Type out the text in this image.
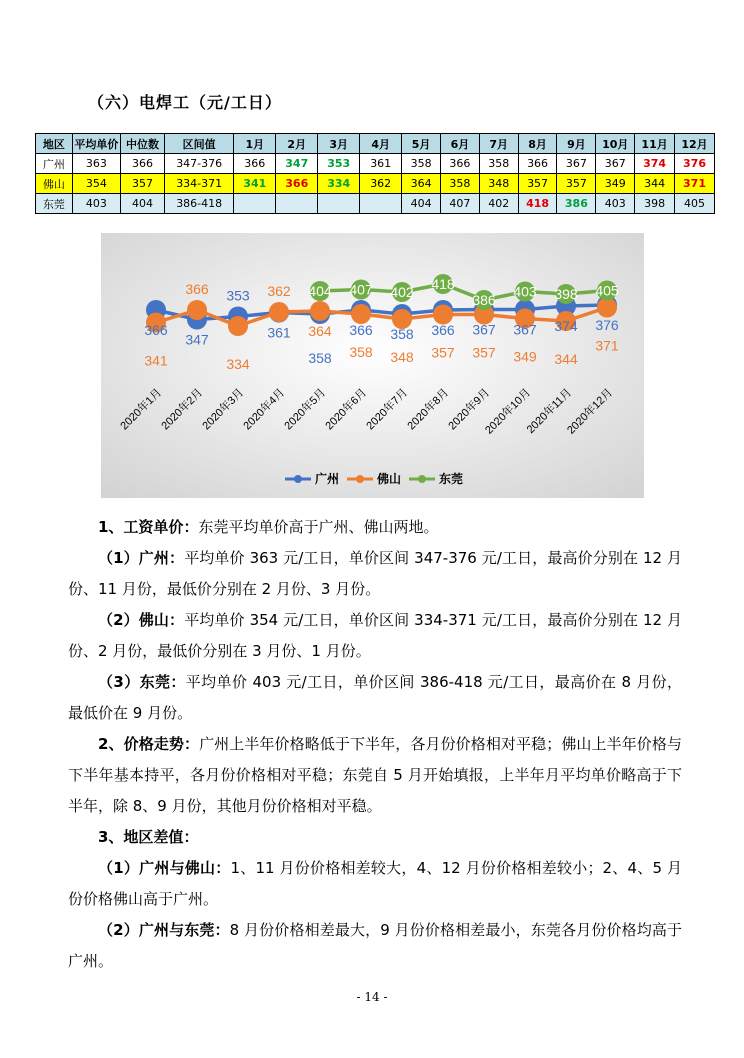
（六）电焊工（元/工日）
地区	平均单价	中位数	区间值	1月	2月	3月	4月	5月	6月	7月	8月	9月	10月	11月	12月
广州	363	366	347-376	366	347	353	361	358	366	358	366	367	367	374	376
佛山	354	357	334-371	341	366	334	362	364	358	348	357	357	349	344	371
东莞	403	404	386-418					404	407	402	418	386	403	398	405
366
347
353
361
358
366 358 366 367 367 374 376
341
366
334
362
364
358 348 357 357 349 344
371
404 407 402 418
386
403 398 405
2020年1月
2020年2月
2020年3月
2020年4月
2020年5月
2020年6月
2020年7月
2020年8月
2020年9月
2020年10月
2020年11月
2020年12月
广州	佛山	东莞
1、工资单价：东莞平均单价高于广州、佛山两地。
（1）广州：平均单价 363 元/工日，单价区间 347-376 元/工日，最高价分别在 12 月份、11 月份，最低价分别在 2 月份、3 月份。
（2）佛山：平均单价 354 元/工日，单价区间 334-371 元/工日，最高价分别在 12 月份、2 月份，最低价分别在 3 月份、1 月份。
（3）东莞：平均单价 403 元/工日，单价区间 386-418 元/工日，最高价在 8 月份，最低价在 9 月份。
2、价格走势：广州上半年价格略低于下半年，各月份价格相对平稳；佛山上半年价格与下半年基本持平，各月份价格相对平稳；东莞自 5 月开始填报，上半年月平均单价略高于下半年，除 8、9 月份，其他月份价格相对平稳。
3、地区差值：
（1）广州与佛山：1、11 月份价格相差较大，4、12 月份价格相差较小；2、4、5 月份价格佛山高于广州。
（2）广州与东莞：8 月份价格相差最大，9 月份价格相差最小，东莞各月份价格均高于广州。
- 14 -
